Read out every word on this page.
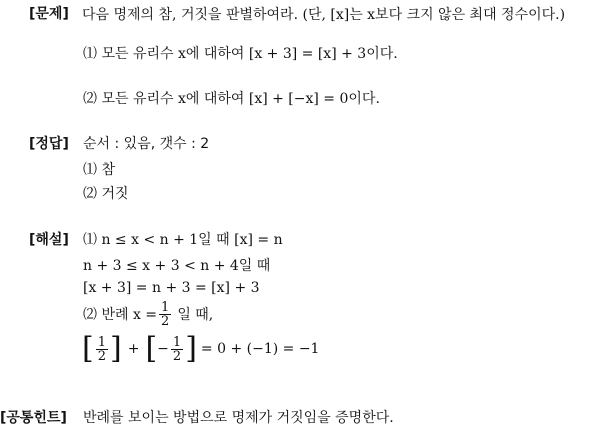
[문제] 다음 명제의 참, 거짓을 판별하여라. (단, [x]는 x보다 크지 않은 최대 정수이다.)
⑴ 모든 유리수 x에 대하여 [x + 3] = [x] + 3이다.
⑵ 모든 유리수 x에 대하여 [x] + [−x] = 0이다.
[정답] 순서 : 있음, 갯수 : 2
⑴ 참
⑵ 거짓
[해설] ⑴ n ≤ x < n + 1일 때 [x] = n
n + 3 ≤ x + 3 < n + 4일 때
[x + 3] = n + 3 = [x] + 3
⑵ 반례 $x = \frac{1}{2}$ 일 때,
[ $\frac{1}{2}$ ] + [ − $\frac{1}{2}$ ] = 0 + (−1) = −1
[공통힌트] 반례를 보이는 방법으로 명제가 거짓임을 증명한다.
